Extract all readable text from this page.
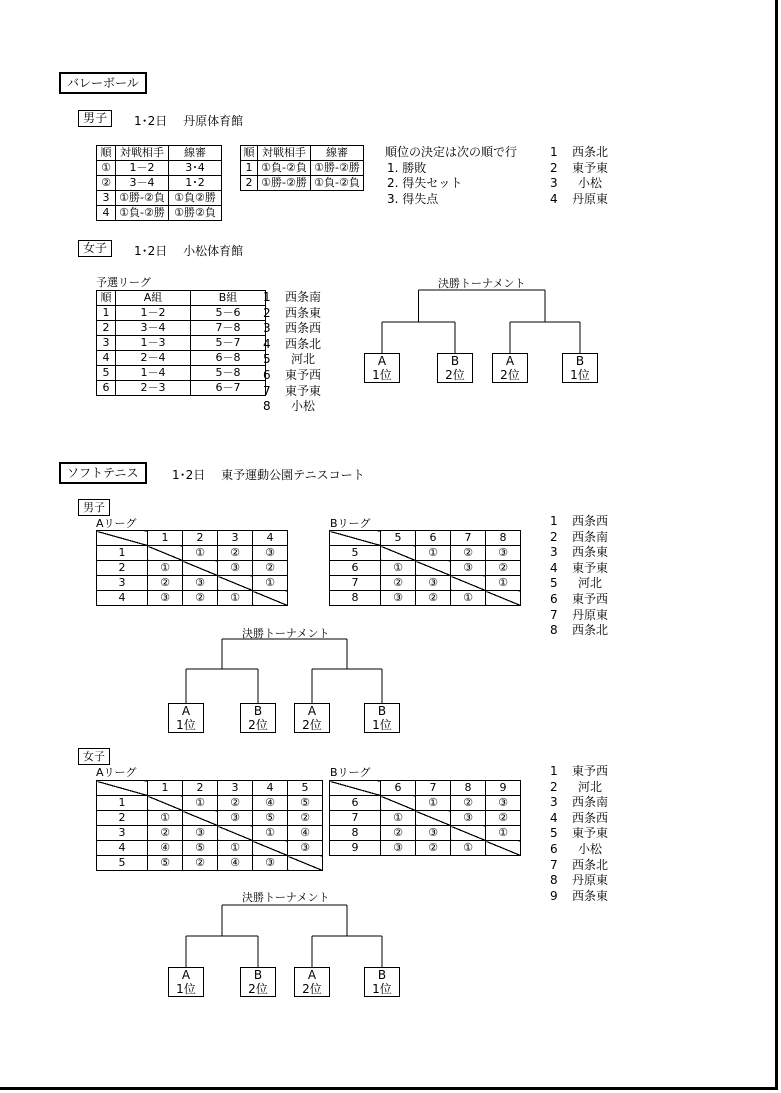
バレーボール
男子	1･2日　 丹原体育館
順	対戦相手	線審
①	1－2	3･4
②	3－4	1･2
3	①勝-②負	①負②勝
4	①負-②勝	①勝②負
順	対戦相手	線審
1	①負-②負	①勝-②勝
2	①勝-②勝	①負-②負
順位の決定は次の順で行
1. 勝敗
2. 得失セット
3. 得失点
1	西条北
2	東予東
3	小松
4	丹原東
女子	1･2日　 小松体育館
予選リーグ
順	A組	B組
1	1－2	5－6
2	3－4	7－8
3	1－3	5－7
4	2－4	6－8
5	1－4	5－8
6	2－3	6－7
1	西条南
2	西条東
3	西条西
4	西条北
5	河北
6	東予西
7	東予東
8	小松
決勝トーナメント
A
1位
B
2位
A
2位
B
1位
ソフトテニス	1･2日　 東予運動公園テニスコート
男子
Aリーグ	Bリーグ
	1	2	3	4
1		①	②	③
2	①		③	②
3	②	③		①
4	③	②	①	
	5	6	7	8
5		①	②	③
6	①		③	②
7	②	③		①
8	③	②	①	
1	西条西
2	西条南
3	西条東
4	東予東
5	河北
6	東予西
7	丹原東
8	西条北
決勝トーナメント
A
1位
B
2位
A
2位
B
1位
女子
Aリーグ	Bリーグ
	1	2	3	4	5
1		①	②	④	⑤
2	①		③	⑤	②
3	②	③		①	④
4	④	⑤	①		③
5	⑤	②	④	③	
	6	7	8	9
6		①	②	③
7	①		③	②
8	②	③		①
9	③	②	①	
1	東予西
2	河北
3	西条南
4	西条西
5	東予東
6	小松
7	西条北
8	丹原東
9	西条東
決勝トーナメント
A
1位
B
2位
A
2位
B
1位
